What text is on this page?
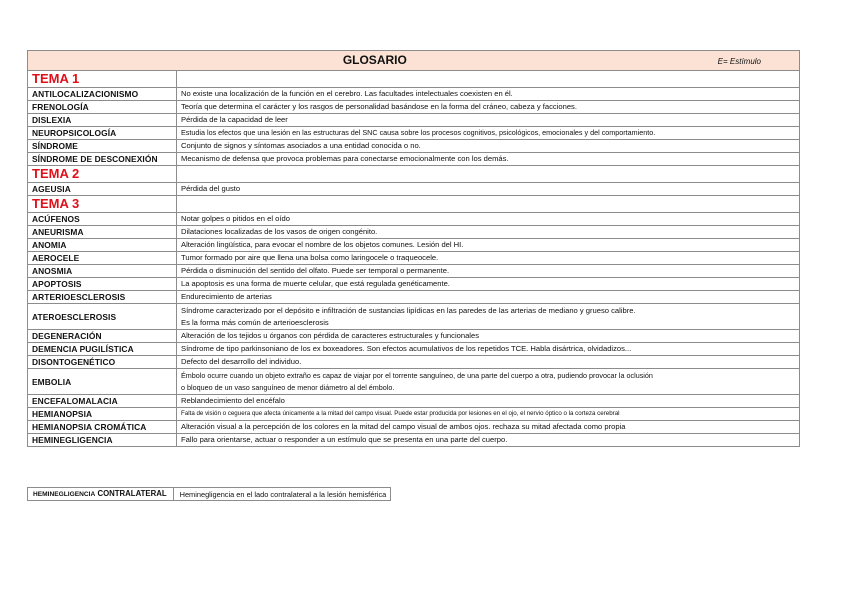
E= Estímulo
GLOSARIO	

TEMA 1	
ANTILOCALIZACIONISMO	No existe una localización de la función en el cerebro. Las facultades intelectuales coexisten en él.

FRENOLOGÍA	Teoría que determina el carácter y los rasgos de personalidad basándose en la forma del cráneo, cabeza y facciones.

DISLEXIA	Pérdida de la capacidad de leer

NEUROPSICOLOGÍA	Estudia los efectos que una lesión en las estructuras del SNC causa sobre los procesos cognitivos, psicológicos, emocionales y del comportamiento.

SÍNDROME	Conjunto de signos y síntomas asociados a una entidad conocida o no.

SÍNDROME DE DESCONEXIÓN	Mecanismo de defensa que provoca problemas para conectarse emocionalmente con los demás.

TEMA 2	
AGEUSIA	Pérdida del gusto

TEMA 3	
ACÚFENOS	Notar golpes o pitidos en el oído

ANEURISMA	Dilataciones localizadas de los vasos de origen congénito.

ANOMIA	Alteración lingüística, para evocar el nombre de los objetos comunes. Lesión del HI.

AEROCELE	Tumor formado por aire que llena una bolsa como laringocele o traqueocele.

ANOSMIA	Pérdida o disminución del sentido del olfato. Puede ser temporal o permanente.

APOPTOSIS	La apoptosis es una forma de muerte celular, que está regulada genéticamente.

ARTERIOESCLEROSIS	Endurecimiento de arterias

ATEROESCLEROSIS	Síndrome caracterizado por el depósito e infiltración de sustancias lipídicas en las paredes de las arterias de mediano y grueso calibre.
Es la forma más común de arterioesclerosis

DEGENERACIÓN	Alteración de los tejidos u órganos con pérdida de caracteres estructurales y funcionales

DEMENCIA PUGILÍSTICA	Síndrome de tipo parkinsoniano de los ex boxeadores. Son efectos acumulativos de los repetidos TCE. Habla disártrica, olvidadizos...

DISONTOGENÉTICO	Defecto del desarrollo del individuo.

EMBOLIA	Émbolo ocurre cuando un objeto extraño es capaz de viajar por el torrente sanguíneo, de una parte del cuerpo a otra, pudiendo provocar la oclusión
o bloqueo de un vaso sanguíneo de menor diámetro al del émbolo.

ENCEFALOMALACIA	Reblandecimiento del encéfalo

HEMIANOPSIA	Falta de visión o ceguera que afecta únicamente a la mitad del campo visual. Puede estar producida por lesiones en el ojo, el nervio óptico o la corteza cerebral

HEMIANOPSIA CROMÁTICA	Alteración visual a la percepción de los colores en la mitad del campo visual de ambos ojos. rechaza su mitad afectada como propia

HEMINEGLIGENCIA	Fallo para orientarse, actuar o responder a un estímulo que se presenta en una parte del cuerpo.
HEMINEGLIGENCIA CONTRALATERAL	Heminegligencia en el lado contralateral a la lesión hemisférica
